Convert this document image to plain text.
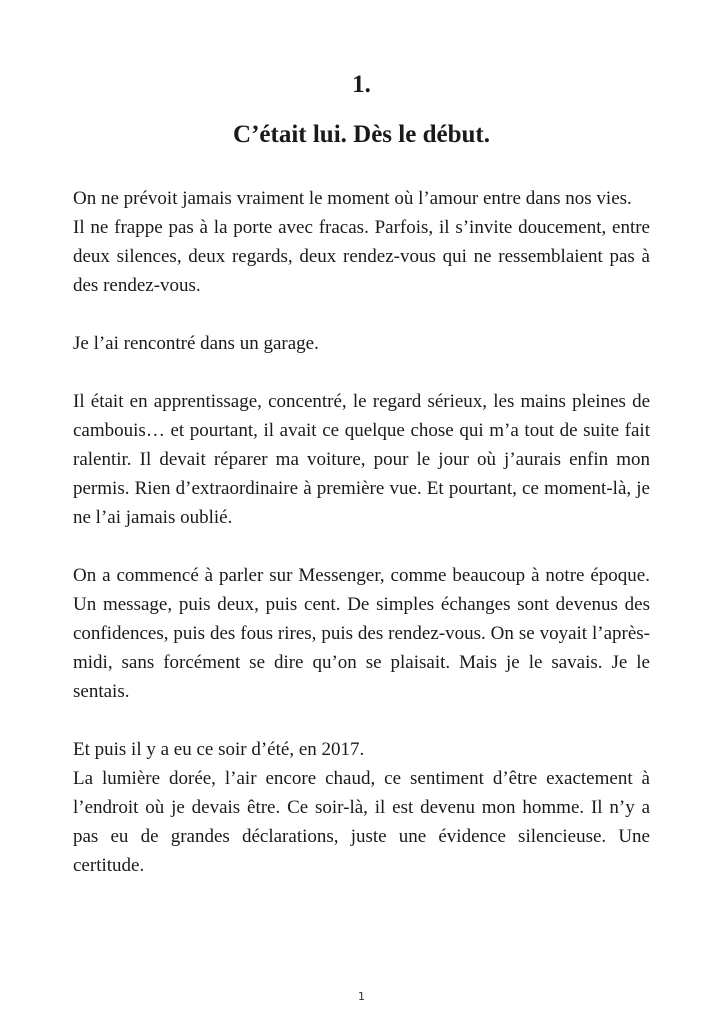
1.
C’était lui. Dès le début.

On ne prévoit jamais vraiment le moment où l’amour entre dans nos vies.
Il ne frappe pas à la porte avec fracas. Parfois, il s’invite doucement, entre deux silences, deux regards, deux rendez-vous qui ne ressemblaient pas à des rendez-vous.

Je l’ai rencontré dans un garage.

Il était en apprentissage, concentré, le regard sérieux, les mains pleines de cambouis… et pourtant, il avait ce quelque chose qui m’a tout de suite fait ralentir. Il devait réparer ma voiture, pour le jour où j’aurais enfin mon permis. Rien d’extraordinaire à première vue. Et pourtant, ce moment-là, je ne l’ai jamais oublié.

On a commencé à parler sur Messenger, comme beaucoup à notre époque. Un message, puis deux, puis cent. De simples échanges sont devenus des confidences, puis des fous rires, puis des rendez-vous. On se voyait l’après-midi, sans forcément se dire qu’on se plaisait. Mais je le savais. Je le sentais.

Et puis il y a eu ce soir d’été, en 2017.
La lumière dorée, l’air encore chaud, ce sentiment d’être exactement à l’endroit où je devais être. Ce soir-là, il est devenu mon homme. Il n’y a pas eu de grandes déclarations, juste une évidence silencieuse. Une certitude.

1
